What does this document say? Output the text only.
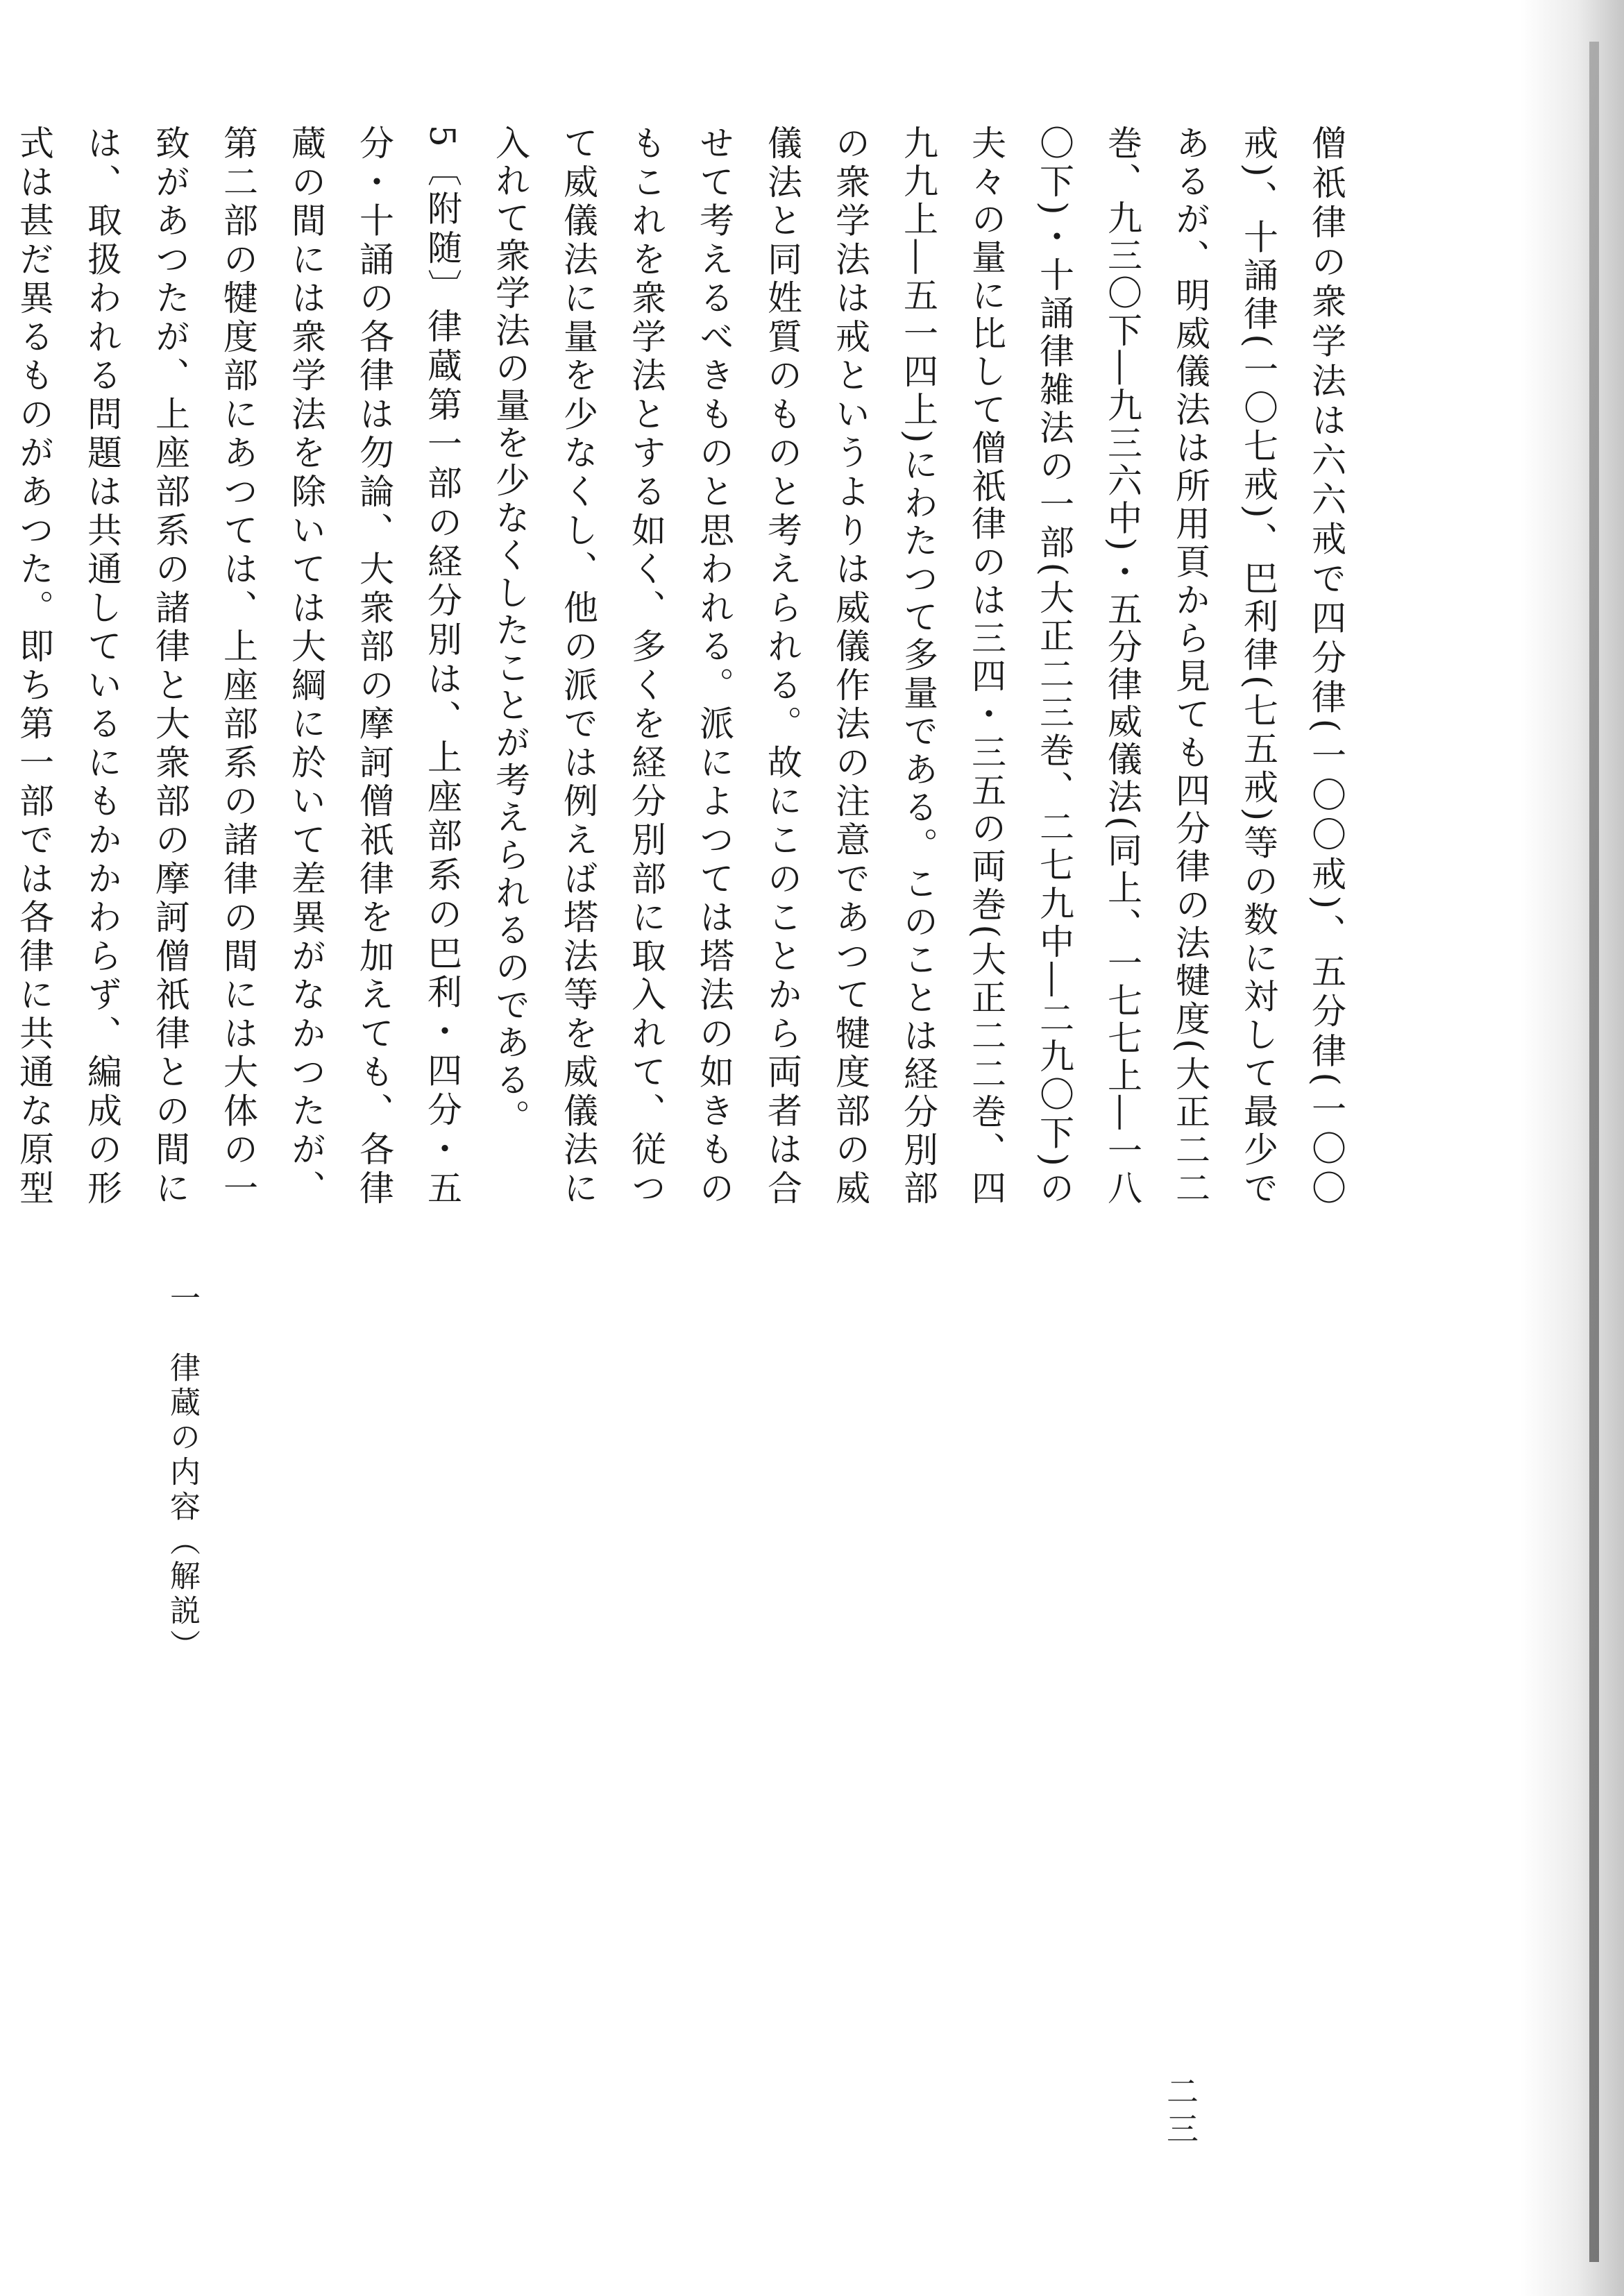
僧祇律の衆学法は六六戒で四分律(一〇〇戒)、五分律(一〇〇戒)、十誦律(一〇七戒)、巴利律(七五戒)等の数に対して最少であるが、明威儀法は所用頁から見ても四分律の法犍度(大正二二巻、九三〇下―九三六中)・五分律威儀法(同上、一七七上―一八〇下)・十誦律雑法の一部(大正二三巻、二七九中―二九〇下)の夫々の量に比して僧祇律のは三四・三五の両巻(大正二二巻、四九九上―五一四上)にわたつて多量である。このことは経分別部の衆学法は戒というよりは威儀作法の注意であつて犍度部の威儀法と同姓質のものと考えられる。故にこのことから両者は合せて考えるべきものと思われる。派によつては塔法の如きものもこれを衆学法とする如く、多くを経分別部に取入れて、従つて威儀法に量を少なくし、他の派では例えば塔法等を威儀法に入れて衆学法の量を少なくしたことが考えられるのである。

5〔附随〕律蔵第一部の経分別は、上座部系の巴利・四分・五分・十誦の各律は勿論、大衆部の摩訶僧祇律を加えても、各律蔵の間には衆学法を除いては大綱に於いて差異がなかつたが、第二部の犍度部にあつては、上座部系の諸律の間には大体の一致があつたが、上座部系の諸律と大衆部の摩訶僧祇律との間には、取扱われる問題は共通しているにもかかわらず、編成の形式は甚だ異るものがあつた。即ち第一部では各律に共通な原型

二三
一　律蔵の内容（解説）
